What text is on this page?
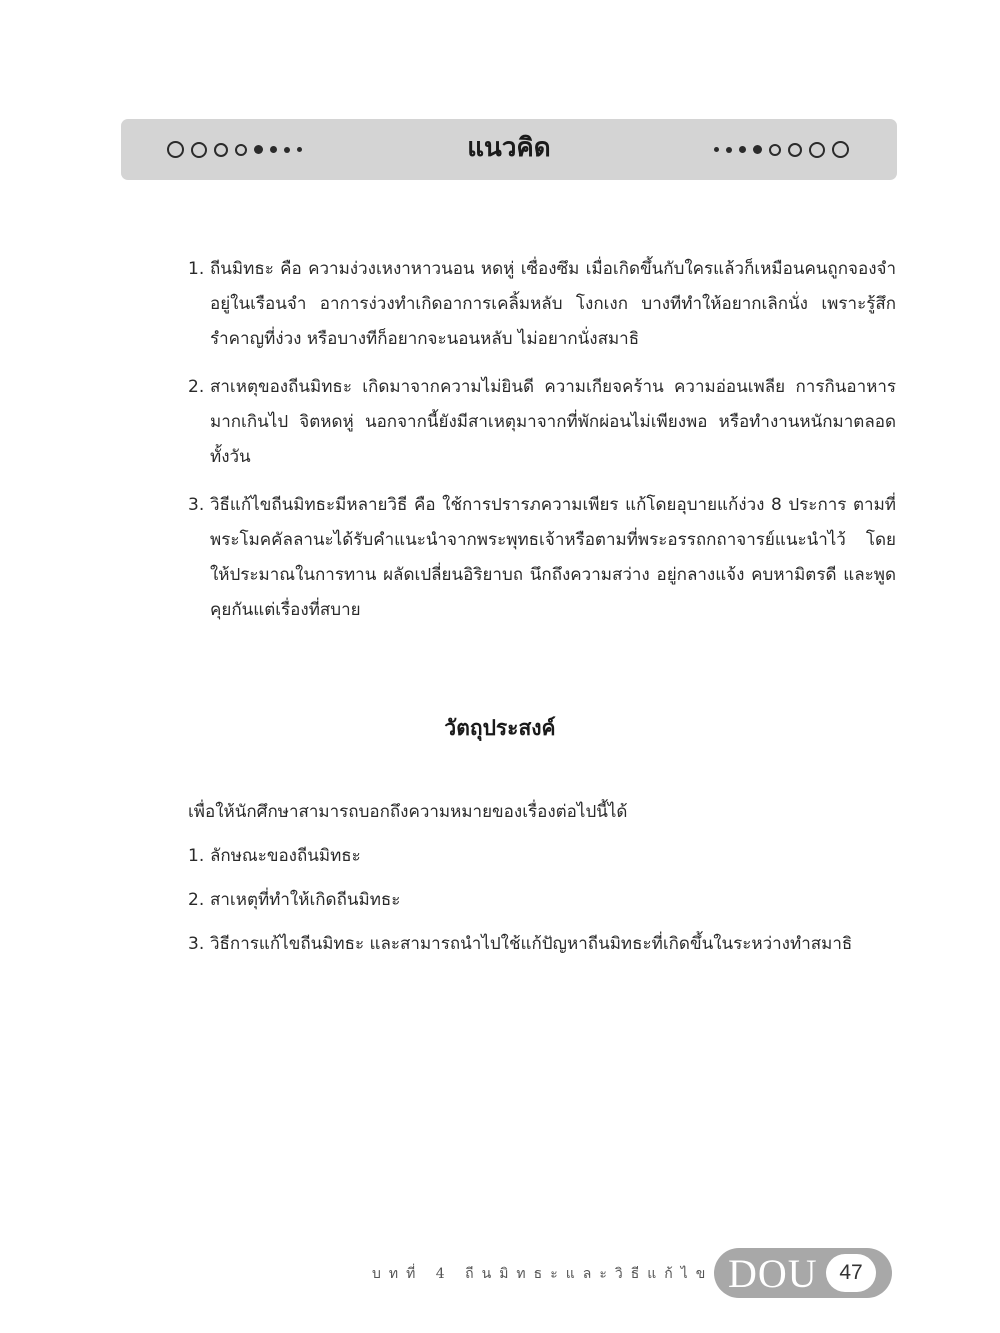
แนวคิด
1. ถีนมิทธะ คือ ความง่วงเหงาหาวนอน หดหู่ เซื่องซึม เมื่อเกิดขึ้นกับใครแล้วก็เหมือนคนถูกจองจำอยู่ในเรือนจำ อาการง่วงทำเกิดอาการเคลิ้มหลับ โงกเงก บางทีทำให้อยากเลิกนั่ง เพราะรู้สึกรำคาญที่ง่วง หรือบางทีก็อยากจะนอนหลับ ไม่อยากนั่งสมาธิ
2. สาเหตุของถีนมิทธะ เกิดมาจากความไม่ยินดี ความเกียจคร้าน ความอ่อนเพลีย การกินอาหารมากเกินไป จิตหดหู่ นอกจากนี้ยังมีสาเหตุมาจากที่พักผ่อนไม่เพียงพอ หรือทำงานหนักมาตลอดทั้งวัน
3. วิธีแก้ไขถีนมิทธะมีหลายวิธี คือ ใช้การปรารภความเพียร แก้โดยอุบายแก้ง่วง 8 ประการ ตามที่พระโมคคัลลานะได้รับคำแนะนำจากพระพุทธเจ้าหรือตามที่พระอรรถกถาจารย์แนะนำไว้ โดยให้ประมาณในการทาน ผลัดเปลี่ยนอิริยาบถ นึกถึงความสว่าง อยู่กลางแจ้ง คบหามิตรดี และพูดคุยกันแต่เรื่องที่สบาย
วัตถุประสงค์
เพื่อให้นักศึกษาสามารถบอกถึงความหมายของเรื่องต่อไปนี้ได้
1. ลักษณะของถีนมิทธะ
2. สาเหตุที่ทำให้เกิดถีนมิทธะ
3. วิธีการแก้ไขถีนมิทธะ และสามารถนำไปใช้แก้ปัญหาถีนมิทธะที่เกิดขึ้นในระหว่างทำสมาธิ
บทที่ 4 ถีนมิทธะและวิธีแก้ไข DOU	47
